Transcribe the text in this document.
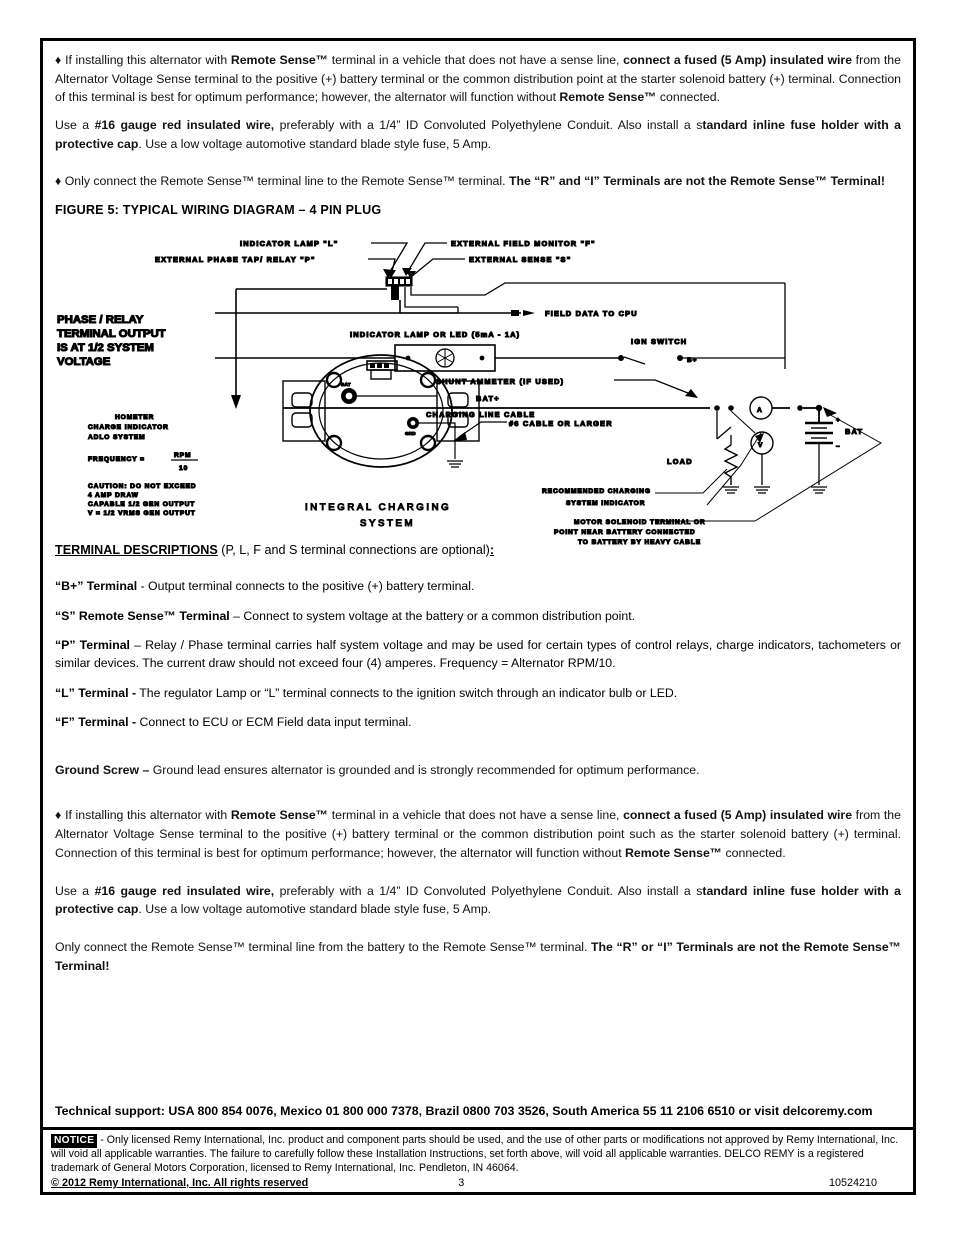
♦ If installing this alternator with Remote Sense™ terminal in a vehicle that does not have a sense line, connect a fused (5 Amp) insulated wire from the Alternator Voltage Sense terminal to the positive (+) battery terminal or the common distribution point at the starter solenoid battery (+) terminal. Connection of this terminal is best for optimum performance; however, the alternator will function without Remote Sense™ connected.

Use a #16 gauge red insulated wire, preferably with a 1/4” ID Convoluted Polyethylene Conduit. Also install a standard inline fuse holder with a protective cap. Use a low voltage automotive standard blade style fuse, 5 Amp.

♦ Only connect the Remote Sense™ terminal line to the Remote Sense™ terminal. The “R” and “I” Terminals are not the Remote Sense™ Terminal!

FIGURE 5: TYPICAL WIRING DIAGRAM – 4 PIN PLUG
PHASE / RELAY
TERMINAL OUTPUT
IS AT 1/2 SYSTEM
VOLTAGE
INDICATOR LAMP "L"
EXTERNAL PHASE TAP/ RELAY "P"
EXTERNAL FIELD MONITOR "F"
EXTERNAL SENSE "S"
FIELD DATA TO CPU
INDICATOR LAMP OR LED (5mA - 1A)
IGN SWITCH
B+
SHUNT AMMETER (IF USED)
BAT+
CHARGING LINE CABLE	A
LOAD
V
+
–
BAT
RECOMMENDED CHARGING
SYSTEM INDICATOR
MOTOR SOLENOID TERMINAL OR
POINT NEAR BATTERY CONNECTED
TO BATTERY BY HEAVY CABLE
BAT
GRD
#6 CABLE OR LARGER
HOMETER
CHARGE INDICATOR
ADLO SYSTEM
FREQUENCY =
RPM
10
CAUTION: DO NOT EXCEED
4 AMP DRAW
CAPABLE 1/2 GEN OUTPUT
V = 1/2 VRMS GEN OUTPUT
INTEGRAL CHARGING
SYSTEM
TERMINAL DESCRIPTIONS (P, L, F and S terminal connections are optional):

“B+” Terminal - Output terminal connects to the positive (+) battery terminal.

“S” Remote Sense™ Terminal – Connect to system voltage at the battery or a common distribution point.

“P” Terminal – Relay / Phase terminal carries half system voltage and may be used for certain types of control relays, charge indicators, tachometers or similar devices. The current draw should not exceed four (4) amperes. Frequency = Alternator RPM/10.

“L” Terminal - The regulator Lamp or “L” terminal connects to the ignition switch through an indicator bulb or LED.

“F” Terminal - Connect to ECU or ECM Field data input terminal.

Ground Screw – Ground lead ensures alternator is grounded and is strongly recommended for optimum performance.

♦ If installing this alternator with Remote Sense™ terminal in a vehicle that does not have a sense line, connect a fused (5 Amp) insulated wire from the Alternator Voltage Sense terminal to the positive (+) battery terminal or the common distribution point such as the starter solenoid battery (+) terminal. Connection of this terminal is best for optimum performance; however, the alternator will function without Remote Sense™ connected.

Use a #16 gauge red insulated wire, preferably with a 1/4” ID Convoluted Polyethylene Conduit. Also install a standard inline fuse holder with a protective cap. Use a low voltage automotive standard blade style fuse, 5 Amp.

Only connect the Remote Sense™ terminal line from the battery to the Remote Sense™ terminal. The “R” or “I” Terminals are not the Remote Sense™ Terminal!

Technical support: USA 800 854 0076, Mexico 01 800 000 7378, Brazil 0800 703 3526, South America 55 11 2106 6510 or visit delcoremy.com
NOTICE - Only licensed Remy International, Inc. product and component parts should be used, and the use of other parts or modifications not approved by Remy International, Inc. will void all applicable warranties. The failure to carefully follow these Installation Instructions, set forth above, will void all applicable warranties. DELCO REMY is a registered trademark of General Motors Corporation, licensed to Remy International, Inc. Pendleton, IN 46064.
© 2012 Remy International, Inc. All rights reserved	3	10524210
